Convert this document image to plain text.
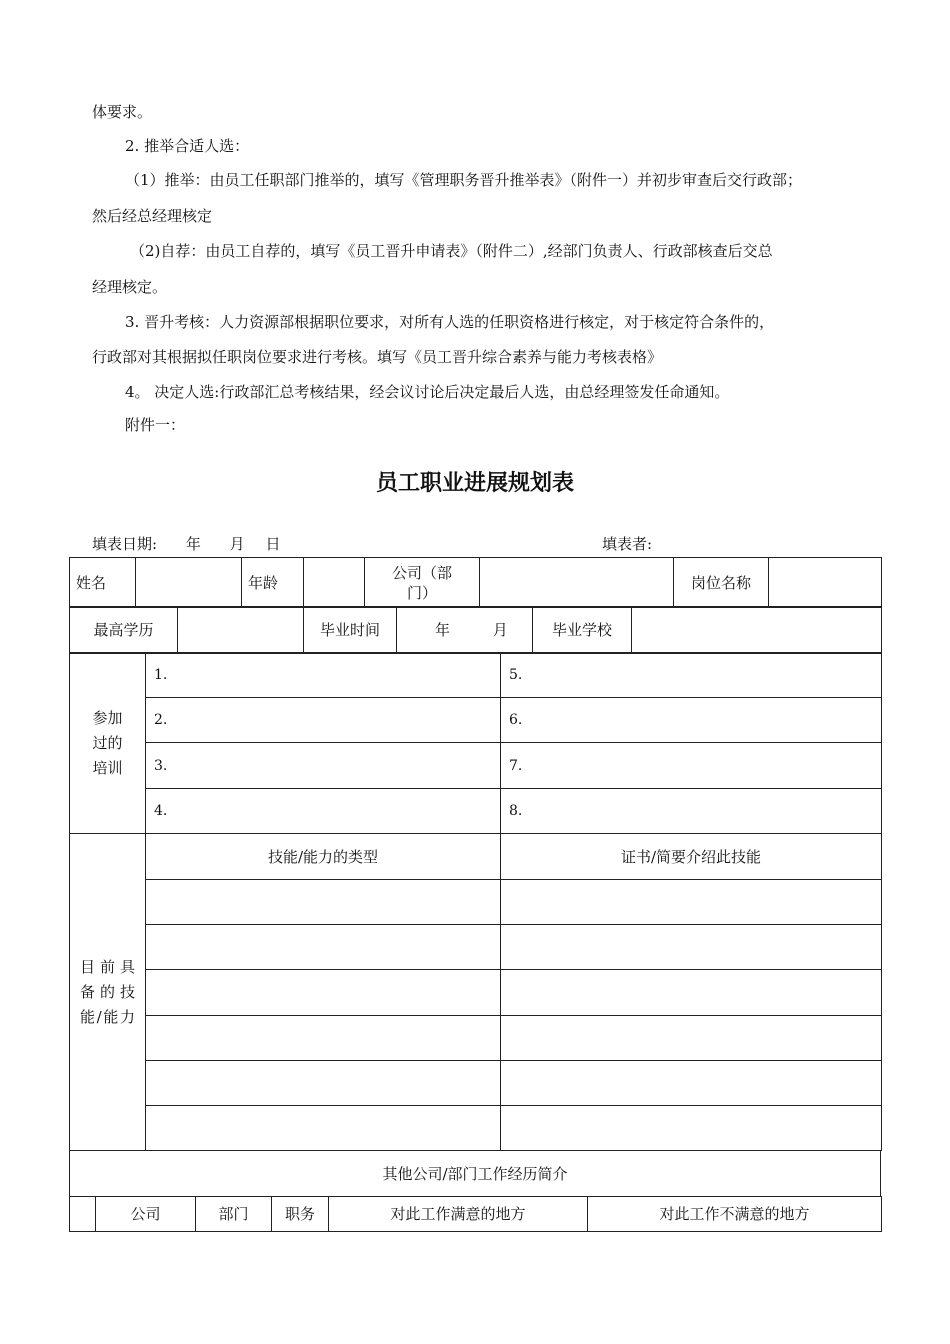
体要求。

2. 推举合适人选：

（1）推举：由员工任职部门推举的，填写《管理职务晋升推举表》（附件一）并初步审查后交行政部；

然后经总经理核定

（2)自荐：由员工自荐的，填写《员工晋升申请表》（附件二）,经部门负责人、行政部核查后交总

经理核定。

3. 晋升考核：人力资源部根据职位要求，对所有人选的任职资格进行核定，对于核定符合条件的，

行政部对其根据拟任职岗位要求进行考核。填写《员工晋升综合素养与能力考核表格》

4。 决定人选:行政部汇总考核结果，经会议讨论后决定最后人选，由总经理签发任命通知。

附件一：

员工职业进展规划表
填表日期: 年 月 日	填表者:
姓名		年龄		公司（部门）		岗位名称	
最高学历		毕业时间	年	月	毕业学校	
参加过的培训	1.	5.
	2.	6.
	3.	7.
	4.	8.

目前具备的技能/能力	技能/能力的类型	证书/简要介绍此技能

其他公司/部门工作经历简介
	公司	部门	职务	对此工作满意的地方	对此工作不满意的地方
